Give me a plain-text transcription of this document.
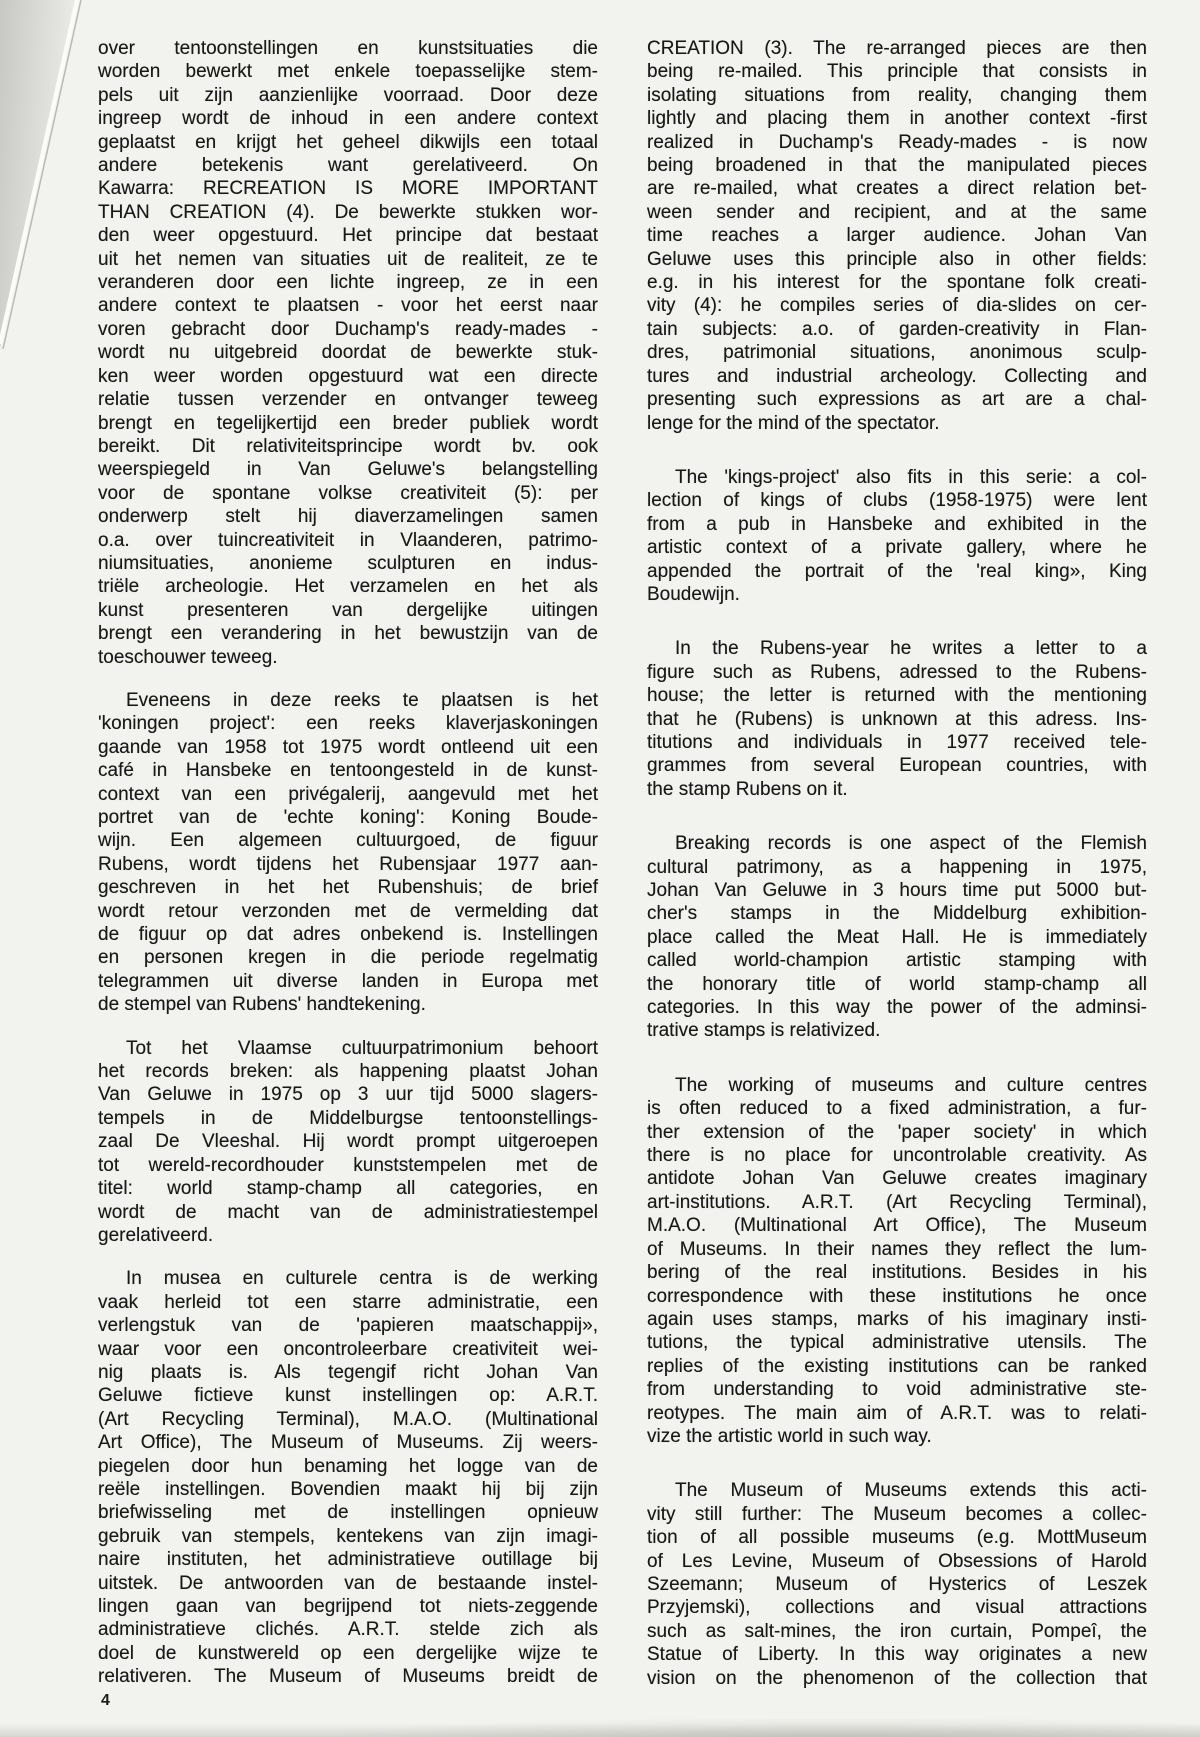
over tentoonstellingen en kunstsituaties die
worden bewerkt met enkele toepasselijke stem-
pels uit zijn aanzienlijke voorraad. Door deze
ingreep wordt de inhoud in een andere context
geplaatst en krijgt het geheel dikwijls een totaal
andere betekenis want gerelativeerd. On
Kawarra: RECREATION IS MORE IMPORTANT
THAN CREATION (4). De bewerkte stukken wor-
den weer opgestuurd. Het principe dat bestaat
uit het nemen van situaties uit de realiteit, ze te
veranderen door een lichte ingreep, ze in een
andere context te plaatsen - voor het eerst naar
voren gebracht door Duchamp's ready-mades -
wordt nu uitgebreid doordat de bewerkte stuk-
ken weer worden opgestuurd wat een directe
relatie tussen verzender en ontvanger teweeg
brengt en tegelijkertijd een breder publiek wordt
bereikt. Dit relativiteitsprincipe wordt bv. ook
weerspiegeld in Van Geluwe's belangstelling
voor de spontane volkse creativiteit (5): per
onderwerp stelt hij diaverzamelingen samen
o.a. over tuincreativiteit in Vlaanderen, patrimo-
niumsituaties, anonieme sculpturen en indus-
triële archeologie. Het verzamelen en het als
kunst presenteren van dergelijke uitingen
brengt een verandering in het bewustzijn van de
toeschouwer teweeg.
Eveneens in deze reeks te plaatsen is het
'koningen project': een reeks klaverjaskoningen
gaande van 1958 tot 1975 wordt ontleend uit een
café in Hansbeke en tentoongesteld in de kunst-
context van een privégalerij, aangevuld met het
portret van de 'echte koning': Koning Boude-
wijn. Een algemeen cultuurgoed, de figuur
Rubens, wordt tijdens het Rubensjaar 1977 aan-
geschreven in het het Rubenshuis; de brief
wordt retour verzonden met de vermelding dat
de figuur op dat adres onbekend is. Instellingen
en personen kregen in die periode regelmatig
telegrammen uit diverse landen in Europa met
de stempel van Rubens' handtekening.
Tot het Vlaamse cultuurpatrimonium behoort
het records breken: als happening plaatst Johan
Van Geluwe in 1975 op 3 uur tijd 5000 slagers-
tempels in de Middelburgse tentoonstellings-
zaal De Vleeshal. Hij wordt prompt uitgeroepen
tot wereld-recordhouder kunststempelen met de
titel: world stamp-champ all categories, en
wordt de macht van de administratiestempel
gerelativeerd.
In musea en culturele centra is de werking
vaak herleid tot een starre administratie, een
verlengstuk van de 'papieren maatschappij»,
waar voor een oncontroleerbare creativiteit wei-
nig plaats is. Als tegengif richt Johan Van
Geluwe fictieve kunst instellingen op: A.R.T.
(Art Recycling Terminal), M.A.O. (Multinational
Art Office), The Museum of Museums. Zij weers-
piegelen door hun benaming het logge van de
reële instellingen. Bovendien maakt hij bij zijn
briefwisseling met de instellingen opnieuw
gebruik van stempels, kentekens van zijn imagi-
naire instituten, het administratieve outillage bij
uitstek. De antwoorden van de bestaande instel-
lingen gaan van begrijpend tot niets-zeggende
administratieve clichés. A.R.T. stelde zich als
doel de kunstwereld op een dergelijke wijze te
relativeren. The Museum of Museums breidt de
CREATION (3). The re-arranged pieces are then
being re-mailed. This principle that consists in
isolating situations from reality, changing them
lightly and placing them in another context -first
realized in Duchamp's Ready-mades - is now
being broadened in that the manipulated pieces
are re-mailed, what creates a direct relation bet-
ween sender and recipient, and at the same
time reaches a larger audience. Johan Van
Geluwe uses this principle also in other fields:
e.g. in his interest for the spontane folk creati-
vity (4): he compiles series of dia-slides on cer-
tain subjects: a.o. of garden-creativity in Flan-
dres, patrimonial situations, anonimous sculp-
tures and industrial archeology. Collecting and
presenting such expressions as art are a chal-
lenge for the mind of the spectator.
The 'kings-project' also fits in this serie: a col-
lection of kings of clubs (1958-1975) were lent
from a pub in Hansbeke and exhibited in the
artistic context of a private gallery, where he
appended the portrait of the 'real king», King
Boudewijn.
In the Rubens-year he writes a letter to a
figure such as Rubens, adressed to the Rubens-
house; the letter is returned with the mentioning
that he (Rubens) is unknown at this adress. Ins-
titutions and individuals in 1977 received tele-
grammes from several European countries, with
the stamp Rubens on it.
Breaking records is one aspect of the Flemish
cultural patrimony, as a happening in 1975,
Johan Van Geluwe in 3 hours time put 5000 but-
cher's stamps in the Middelburg exhibition-
place called the Meat Hall. He is immediately
called world-champion artistic stamping with
the honorary title of world stamp-champ all
categories. In this way the power of the adminsi-
trative stamps is relativized.
The working of museums and culture centres
is often reduced to a fixed administration, a fur-
ther extension of the 'paper society' in which
there is no place for uncontrolable creativity. As
antidote Johan Van Geluwe creates imaginary
art-institutions. A.R.T. (Art Recycling Terminal),
M.A.O. (Multinational Art Office), The Museum
of Museums. In their names they reflect the lum-
bering of the real institutions. Besides in his
correspondence with these institutions he once
again uses stamps, marks of his imaginary insti-
tutions, the typical administrative utensils. The
replies of the existing institutions can be ranked
from understanding to void administrative ste-
reotypes. The main aim of A.R.T. was to relati-
vize the artistic world in such way.
The Museum of Museums extends this acti-
vity still further: The Museum becomes a collec-
tion of all possible museums (e.g. MottMuseum
of Les Levine, Museum of Obsessions of Harold
Szeemann; Museum of Hysterics of Leszek
Przyjemski), collections and visual attractions
such as salt-mines, the iron curtain, Pompeî, the
Statue of Liberty. In this way originates a new
vision on the phenomenon of the collection that
4
